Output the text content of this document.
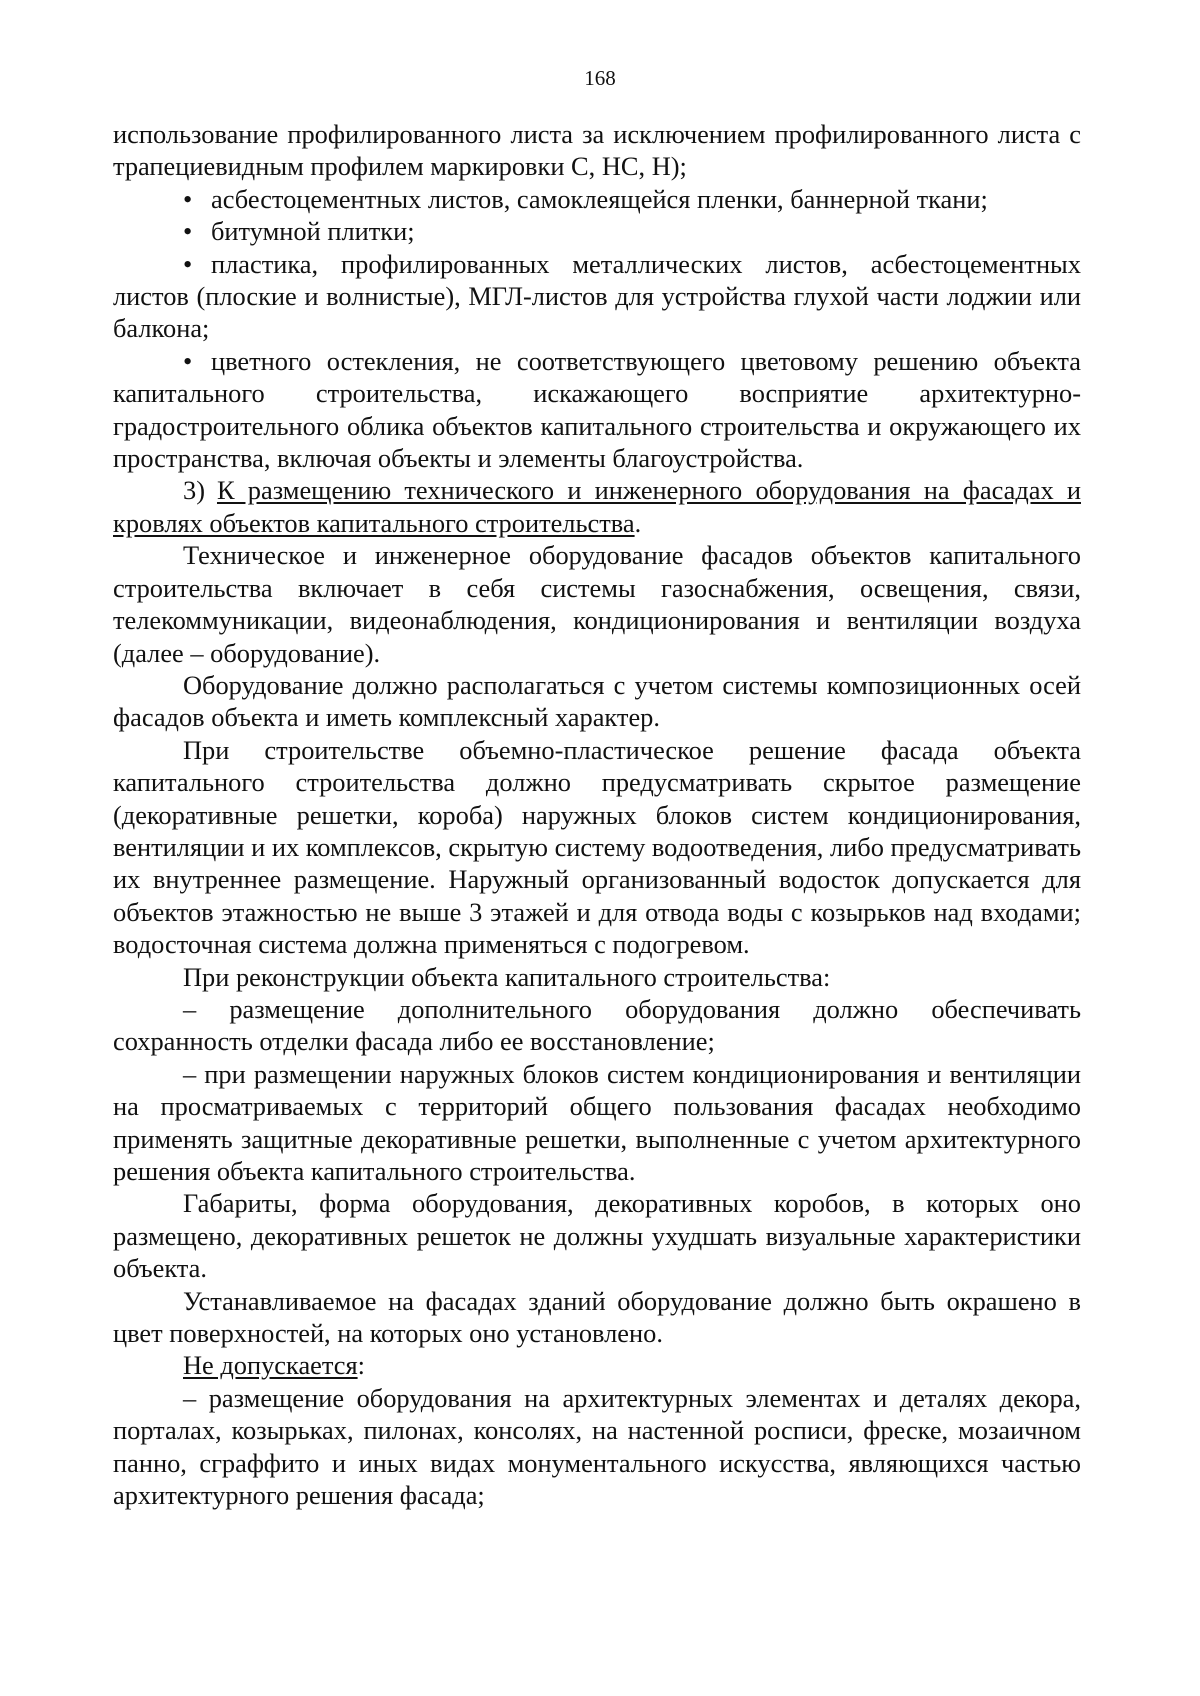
168

использование профилированного листа за исключением профилированного листа с трапециевидным профилем маркировки С, НС, Н);

• асбестоцементных листов, самоклеящейся пленки, баннерной ткани;

• битумной плитки;

• пластика, профилированных металлических листов, асбестоцементных листов (плоские и волнистые), МГЛ-листов для устройства глухой части лоджии или балкона;

• цветного остекления, не соответствующего цветовому решению объекта капитального строительства, искажающего восприятие архитектурно-градостроительного облика объектов капитального строительства и окружающего их пространства, включая объекты и элементы благоустройства.

3) К размещению технического и инженерного оборудования на фасадах и кровлях объектов капитального строительства.

Техническое и инженерное оборудование фасадов объектов капитального строительства включает в себя системы газоснабжения, освещения, связи, телекоммуникации, видеонаблюдения, кондиционирования и вентиляции воздуха (далее – оборудование).

Оборудование должно располагаться с учетом системы композиционных осей фасадов объекта и иметь комплексный характер.

При строительстве объемно-пластическое решение фасада объекта капитального строительства должно предусматривать скрытое размещение (декоративные решетки, короба) наружных блоков систем кондиционирования, вентиляции и их комплексов, скрытую систему водоотведения, либо предусматривать их внутреннее размещение. Наружный организованный водосток допускается для объектов этажностью не выше 3 этажей и для отвода воды с козырьков над входами; водосточная система должна применяться с подогревом.

При реконструкции объекта капитального строительства:

– размещение дополнительного оборудования должно обеспечивать сохранность отделки фасада либо ее восстановление;

– при размещении наружных блоков систем кондиционирования и вентиляции на просматриваемых с территорий общего пользования фасадах необходимо применять защитные декоративные решетки, выполненные с учетом архитектурного решения объекта капитального строительства.

Габариты, форма оборудования, декоративных коробов, в которых оно размещено, декоративных решеток не должны ухудшать визуальные характеристики объекта.

Устанавливаемое на фасадах зданий оборудование должно быть окрашено в цвет поверхностей, на которых оно установлено.

Не допускается:

– размещение оборудования на архитектурных элементах и деталях декора, порталах, козырьках, пилонах, консолях, на настенной росписи, фреске, мозаичном панно, сграффито и иных видах монументального искусства, являющихся частью архитектурного решения фасада;
